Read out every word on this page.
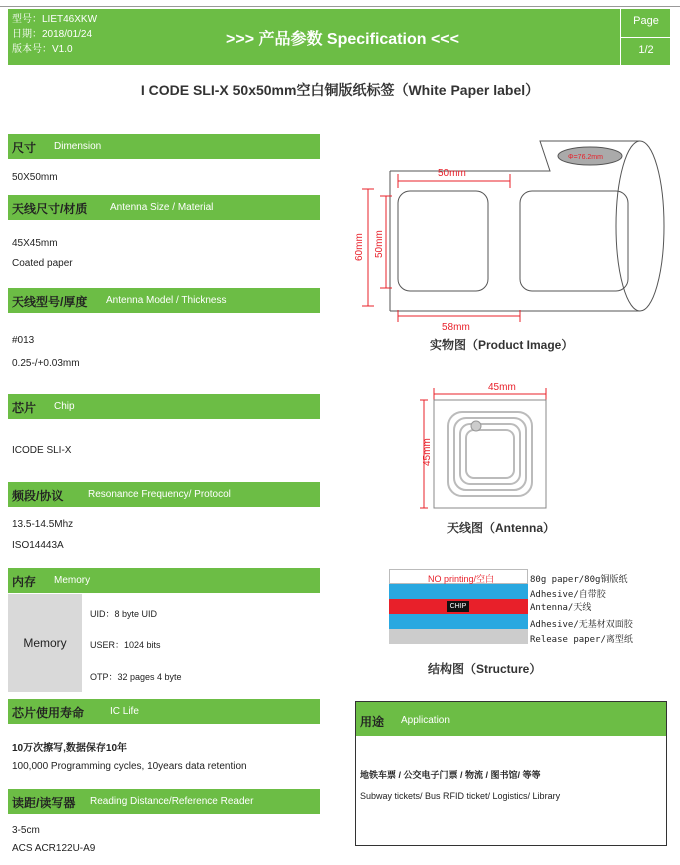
型号：LIET46XKW
日期：2018/01/24
版本号：V1.0
>>> 产品参数 Specification <<<
Page
1/2
I CODE SLI-X 50x50mm空白铜版纸标签（White Paper label）
尺寸 Dimension
50X50mm
天线尺寸/材质 Antenna Size / Material
45X45mm
Coated paper
天线型号/厚度 Antenna Model / Thickness
#013
0.25-/+0.03mm
芯片 Chip
ICODE SLI-X
频段/协议 Resonance Frequency/ Protocol
13.5-14.5Mhz
ISO14443A
内存 Memory
Memory
UID：8 byte UID
USER：1024 bits
OTP：32 pages 4 byte
芯片使用寿命	IC Life
10万次擦写,数据保存10年
100,000 Programming cycles, 10years data retention
读距/读写器 Reading Distance/Reference Reader
3-5cm
ACS ACR122U-A9
50mm
60mm 50mm
58mm
Φ=76.2mm
实物图（Product Image）
45mm
45mm
天线图（Antenna）
NO printing/空白
CHIP
80g paper/80g铜版纸
Adhesive/自带胶
Antenna/天线
Adhesive/无基材双面胶
Release paper/离型纸
结构图（Structure）
用途 Application
地铁车票 / 公交电子门票 / 物流 / 图书馆/ 等等
Subway tickets/ Bus RFID ticket/ Logistics/ Library
